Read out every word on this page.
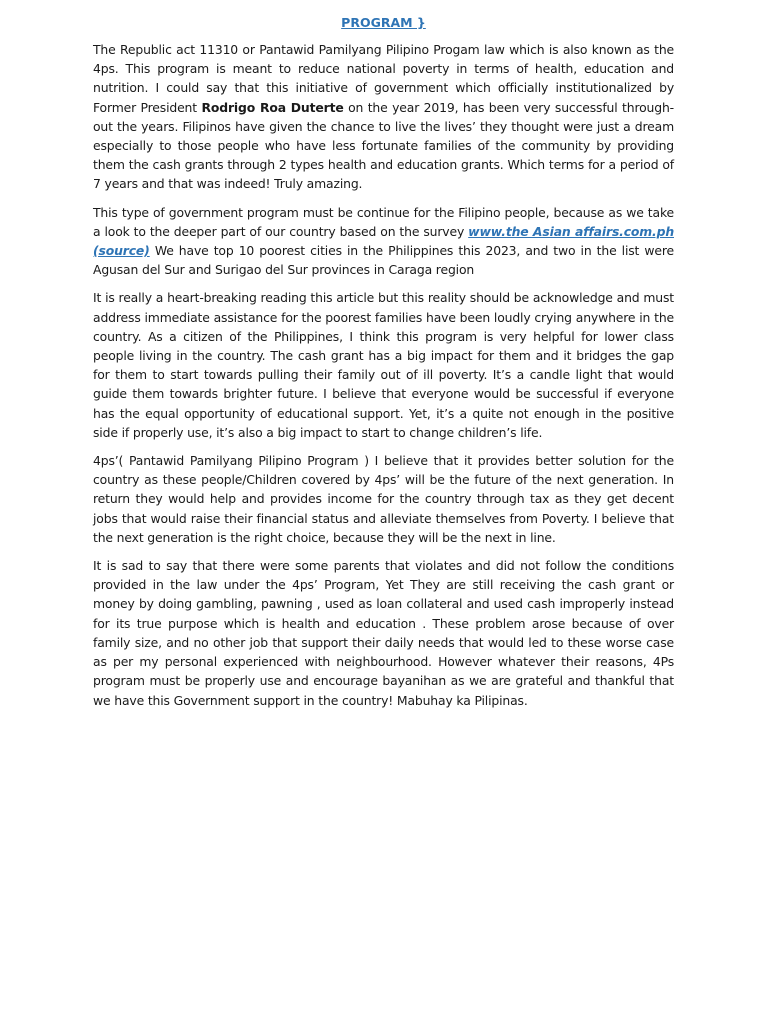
PROGRAM }

The Republic act 11310 or Pantawid Pamilyang Pilipino Progam law which is also known as the 4ps. This program is meant to reduce national poverty in terms of health, education and nutrition. I could say that this initiative of government which officially institutionalized by Former President Rodrigo Roa Duterte on the year 2019, has been very successful through-out the years. Filipinos have given the chance to live the lives’ they thought were just a dream especially to those people who have less fortunate families of the community by providing them the cash grants through 2 types health and education grants. Which terms for a period of 7 years and that was indeed! Truly amazing.

This type of government program must be continue for the Filipino people, because as we take a look to the deeper part of our country based on the survey www.the Asian affairs.com.ph (source) We have top 10 poorest cities in the Philippines this 2023, and two in the list were Agusan del Sur and Surigao del Sur provinces in Caraga region

It is really a heart-breaking reading this article but this reality should be acknowledge and must address immediate assistance for the poorest families have been loudly crying anywhere in the country. As a citizen of the Philippines, I think this program is very helpful for lower class people living in the country. The cash grant has a big impact for them and it bridges the gap for them to start towards pulling their family out of ill poverty. It’s a candle light that would guide them towards brighter future. I believe that everyone would be successful if everyone has the equal opportunity of educational support. Yet, it’s a quite not enough in the positive side if properly use, it’s also a big impact to start to change children’s life.

4ps’( Pantawid Pamilyang Pilipino Program ) I believe that it provides better solution for the country as these people/Children covered by 4ps’ will be the future of the next generation. In return they would help and provides income for the country through tax as they get decent jobs that would raise their financial status and alleviate themselves from Poverty. I believe that the next generation is the right choice, because they will be the next in line.

It is sad to say that there were some parents that violates and did not follow the conditions provided in the law under the 4ps’ Program, Yet They are still receiving the cash grant or money by doing gambling, pawning , used as loan collateral and used cash improperly instead for its true purpose which is health and education . These problem arose because of over family size, and no other job that support their daily needs that would led to these worse case as per my personal experienced with neighbourhood. However whatever their reasons, 4Ps program must be properly use and encourage bayanihan as we are grateful and thankful that we have this Government support in the country! Mabuhay ka Pilipinas.
